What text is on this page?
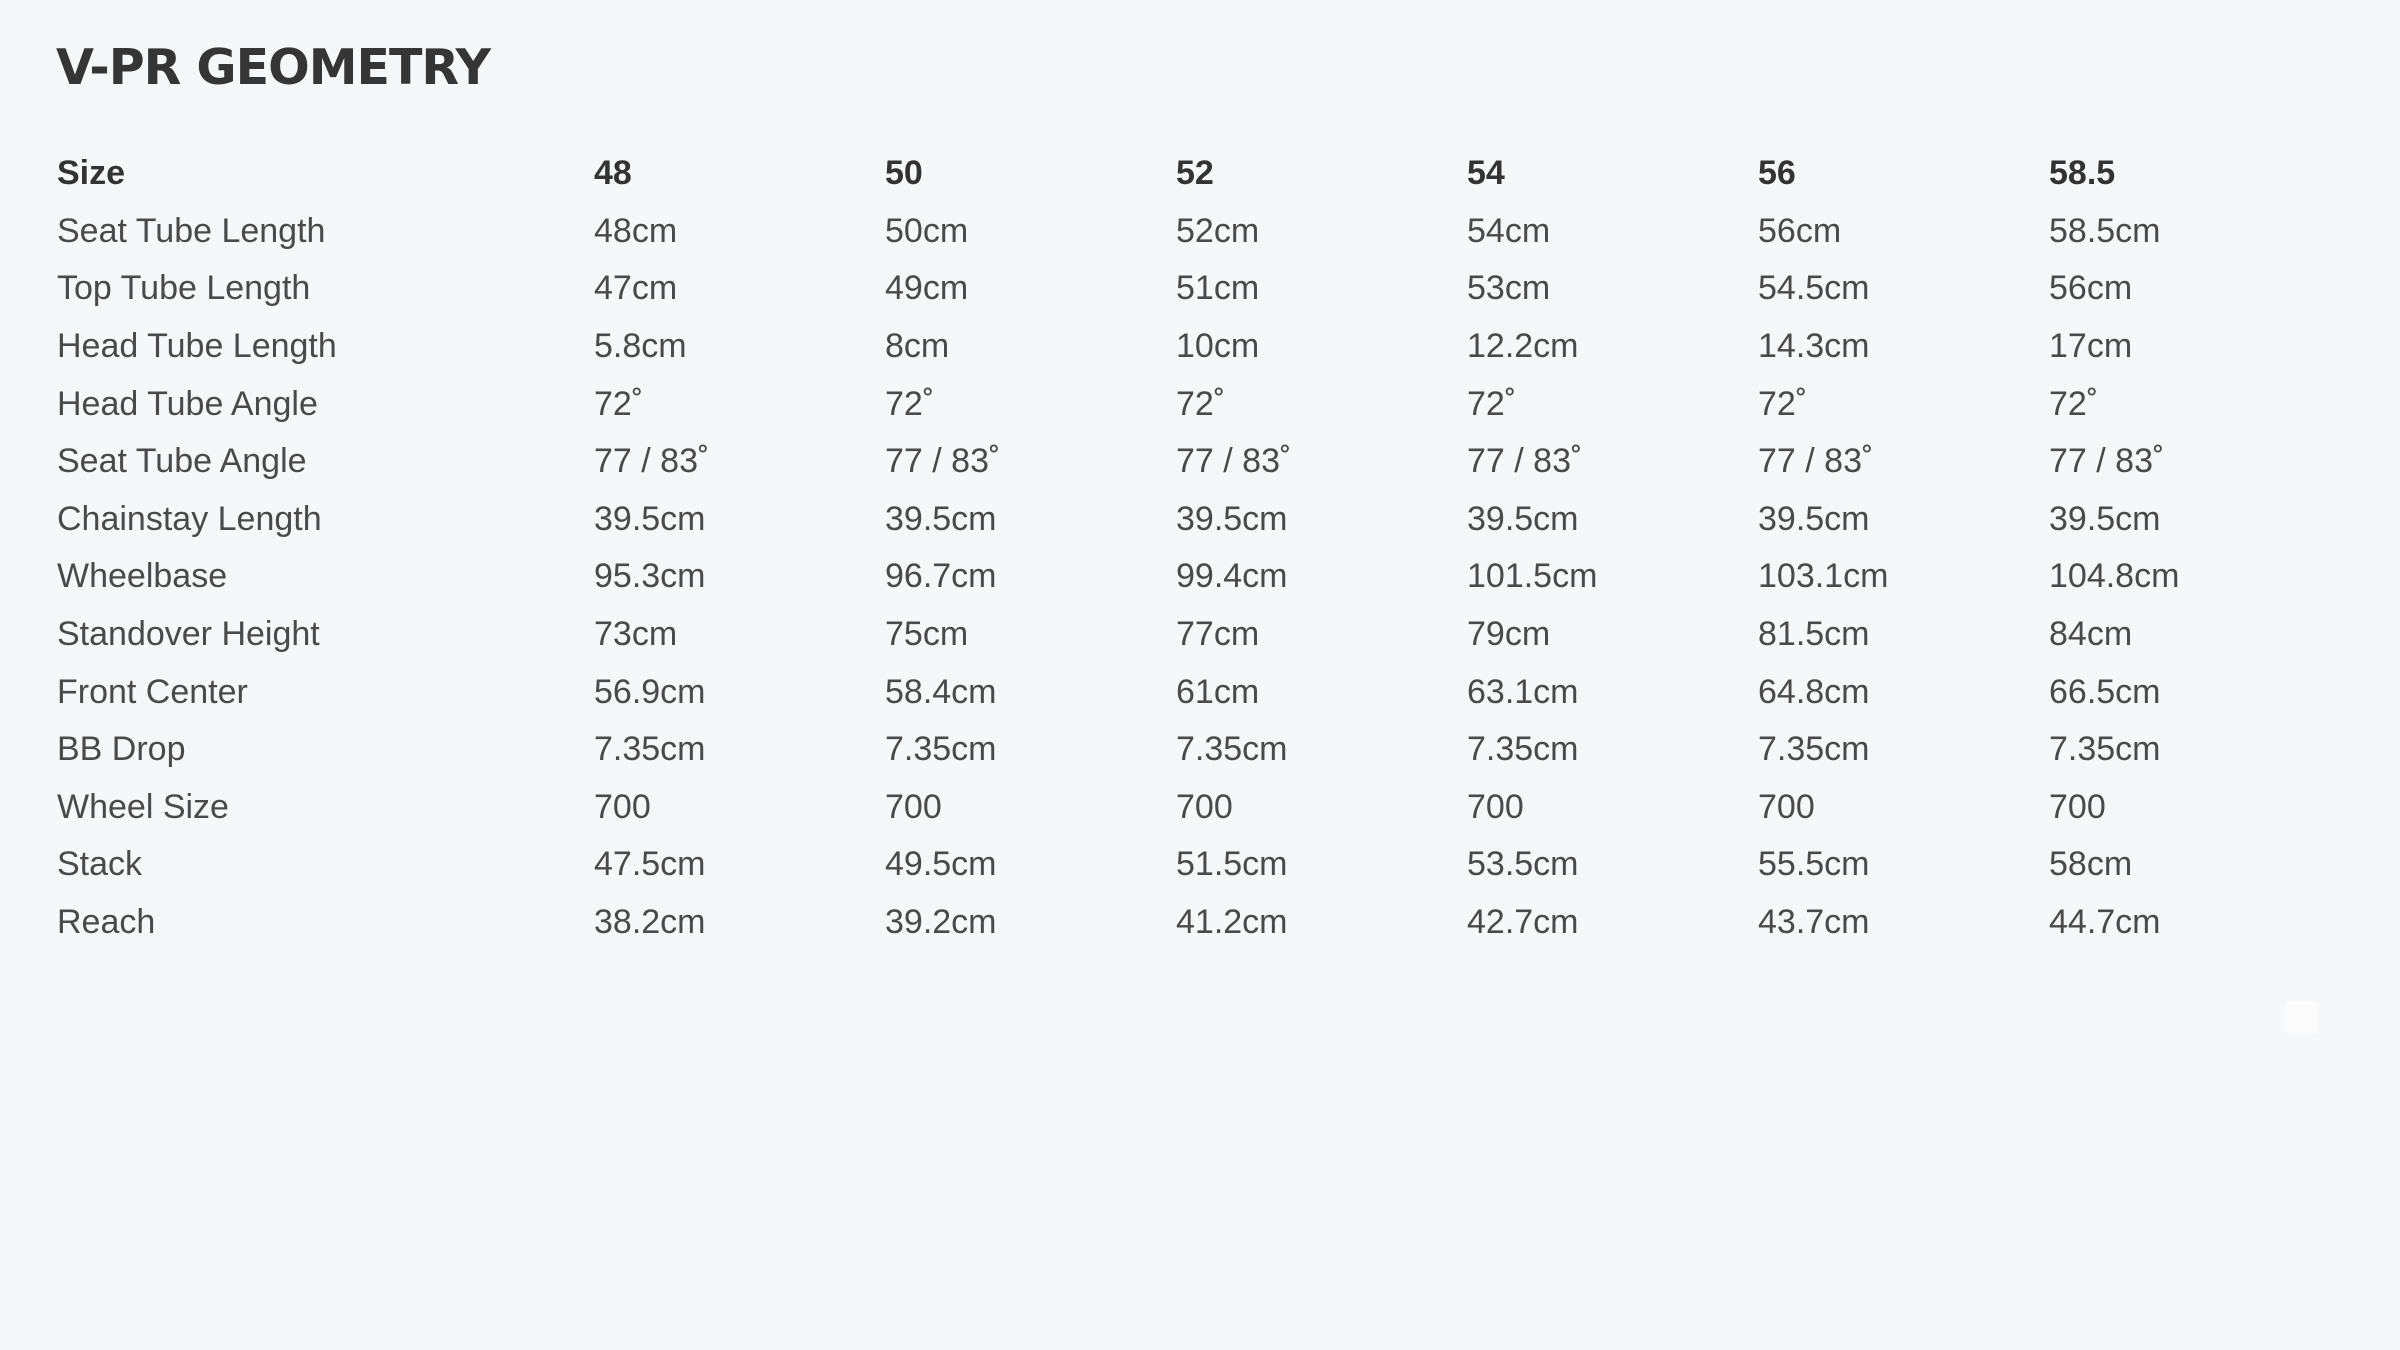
V-PR GEOMETRY
Size	48	50	52	54	56	58.5
Seat Tube Length	48cm	50cm	52cm	54cm	56cm	58.5cm
Top Tube Length	47cm	49cm	51cm	53cm	54.5cm	56cm
Head Tube Length	5.8cm	8cm	10cm	12.2cm	14.3cm	17cm
Head Tube Angle	72˚	72˚	72˚	72˚	72˚	72˚
Seat Tube Angle	77 / 83˚	77 / 83˚	77 / 83˚	77 / 83˚	77 / 83˚	77 / 83˚
Chainstay Length	39.5cm	39.5cm	39.5cm	39.5cm	39.5cm	39.5cm
Wheelbase	95.3cm	96.7cm	99.4cm	101.5cm	103.1cm	104.8cm
Standover Height	73cm	75cm	77cm	79cm	81.5cm	84cm
Front Center	56.9cm	58.4cm	61cm	63.1cm	64.8cm	66.5cm
BB Drop	7.35cm	7.35cm	7.35cm	7.35cm	7.35cm	7.35cm
Wheel Size	700	700	700	700	700	700
Stack	47.5cm	49.5cm	51.5cm	53.5cm	55.5cm	58cm
Reach	38.2cm	39.2cm	41.2cm	42.7cm	43.7cm	44.7cm
